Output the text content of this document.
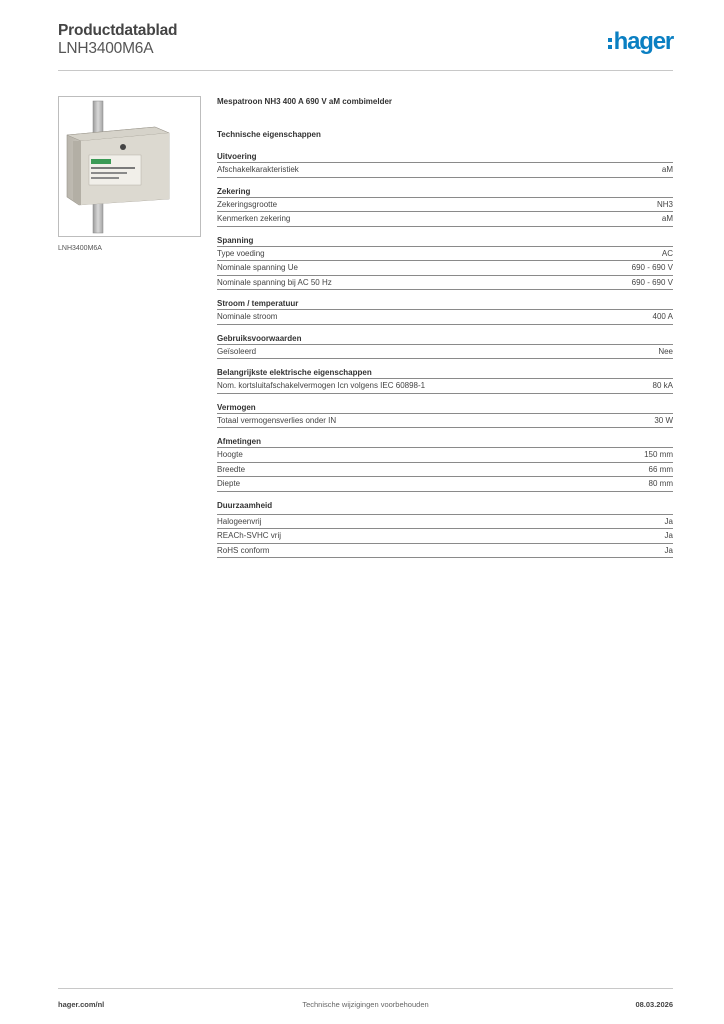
Productdatablad
LNH3400M6A	hager
LNH3400M6A
Mespatroon NH3 400 A 690 V aM combimelder
Technische eigenschappen
Uitvoering
Afschakelkarakteristiek	aM
Zekering
Zekeringsgrootte	NH3
Kenmerken zekering	aM
Spanning
Type voeding	AC
Nominale spanning Ue	690 - 690 V
Nominale spanning bij AC 50 Hz	690 - 690 V
Stroom / temperatuur
Nominale stroom	400 A
Gebruiksvoorwaarden
Geïsoleerd	Nee
Belangrijkste elektrische eigenschappen
Nom. kortsluitafschakelvermogen Icn volgens IEC 60898-1	80 kA
Vermogen
Totaal vermogensverlies onder IN	30 W
Afmetingen
Hoogte	150 mm
Breedte	66 mm
Diepte	80 mm
Duurzaamheid
Halogeenvrij	Ja
REACh-SVHC vrij	Ja
RoHS conform	Ja
hager.com/nl	Technische wijzigingen voorbehouden	08.03.2026
